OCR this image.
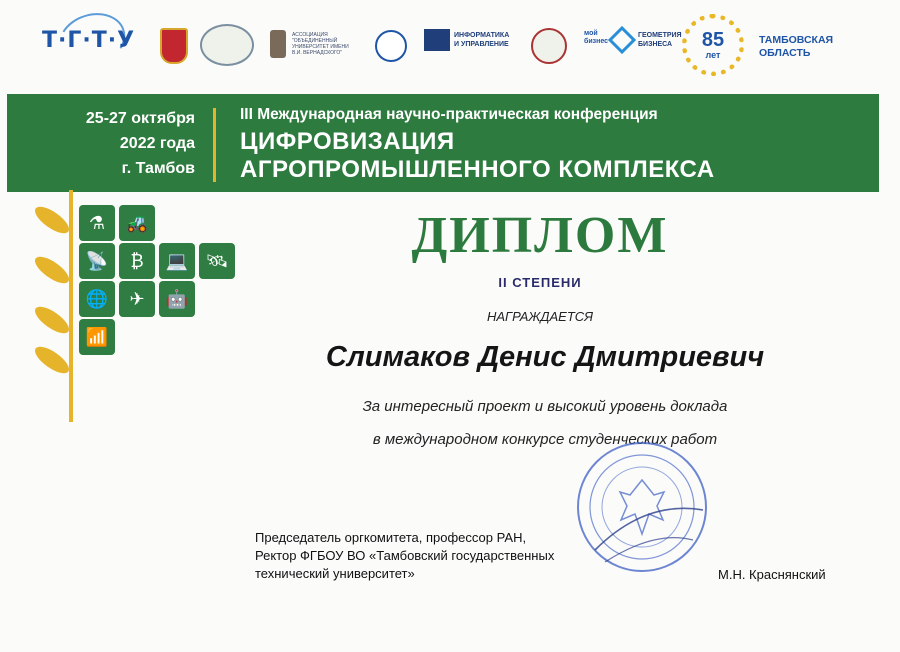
Т·Г·Т·У	АССОЦИАЦИЯ "ОБЪЕДИНЕННЫЙ УНИВЕРСИТЕТ ИМЕНИ В.И. ВЕРНАДСКОГО"
ИНФОРМАТИКА И УПРАВЛЕНИЕ
мой бизнес
ГЕОМЕТРИЯ БИЗНЕСА	85
лет
ТАМБОВСКАЯ ОБЛАСТЬ
25-27 октября
2022 года
г. Тамбов
III Международная научно-практическая конференция
ЦИФРОВИЗАЦИЯ
АГРОПРОМЫШЛЕННОГО КОМПЛЕКСА
⚗	🚜
📡	₿	💻 🛰
🌐	✈	🤖
📶
ДИПЛОМ
II СТЕПЕНИ
НАГРАЖДАЕТСЯ
Слимаков Денис Дмитриевич
За интересный проект и высокий уровень доклада
в международном конкурсе студенческих работ
Председатель оргкомитета, профессор РАН,
Ректор ФГБОУ ВО «Тамбовский государственных
технический университет»	М.Н. Краснянский
